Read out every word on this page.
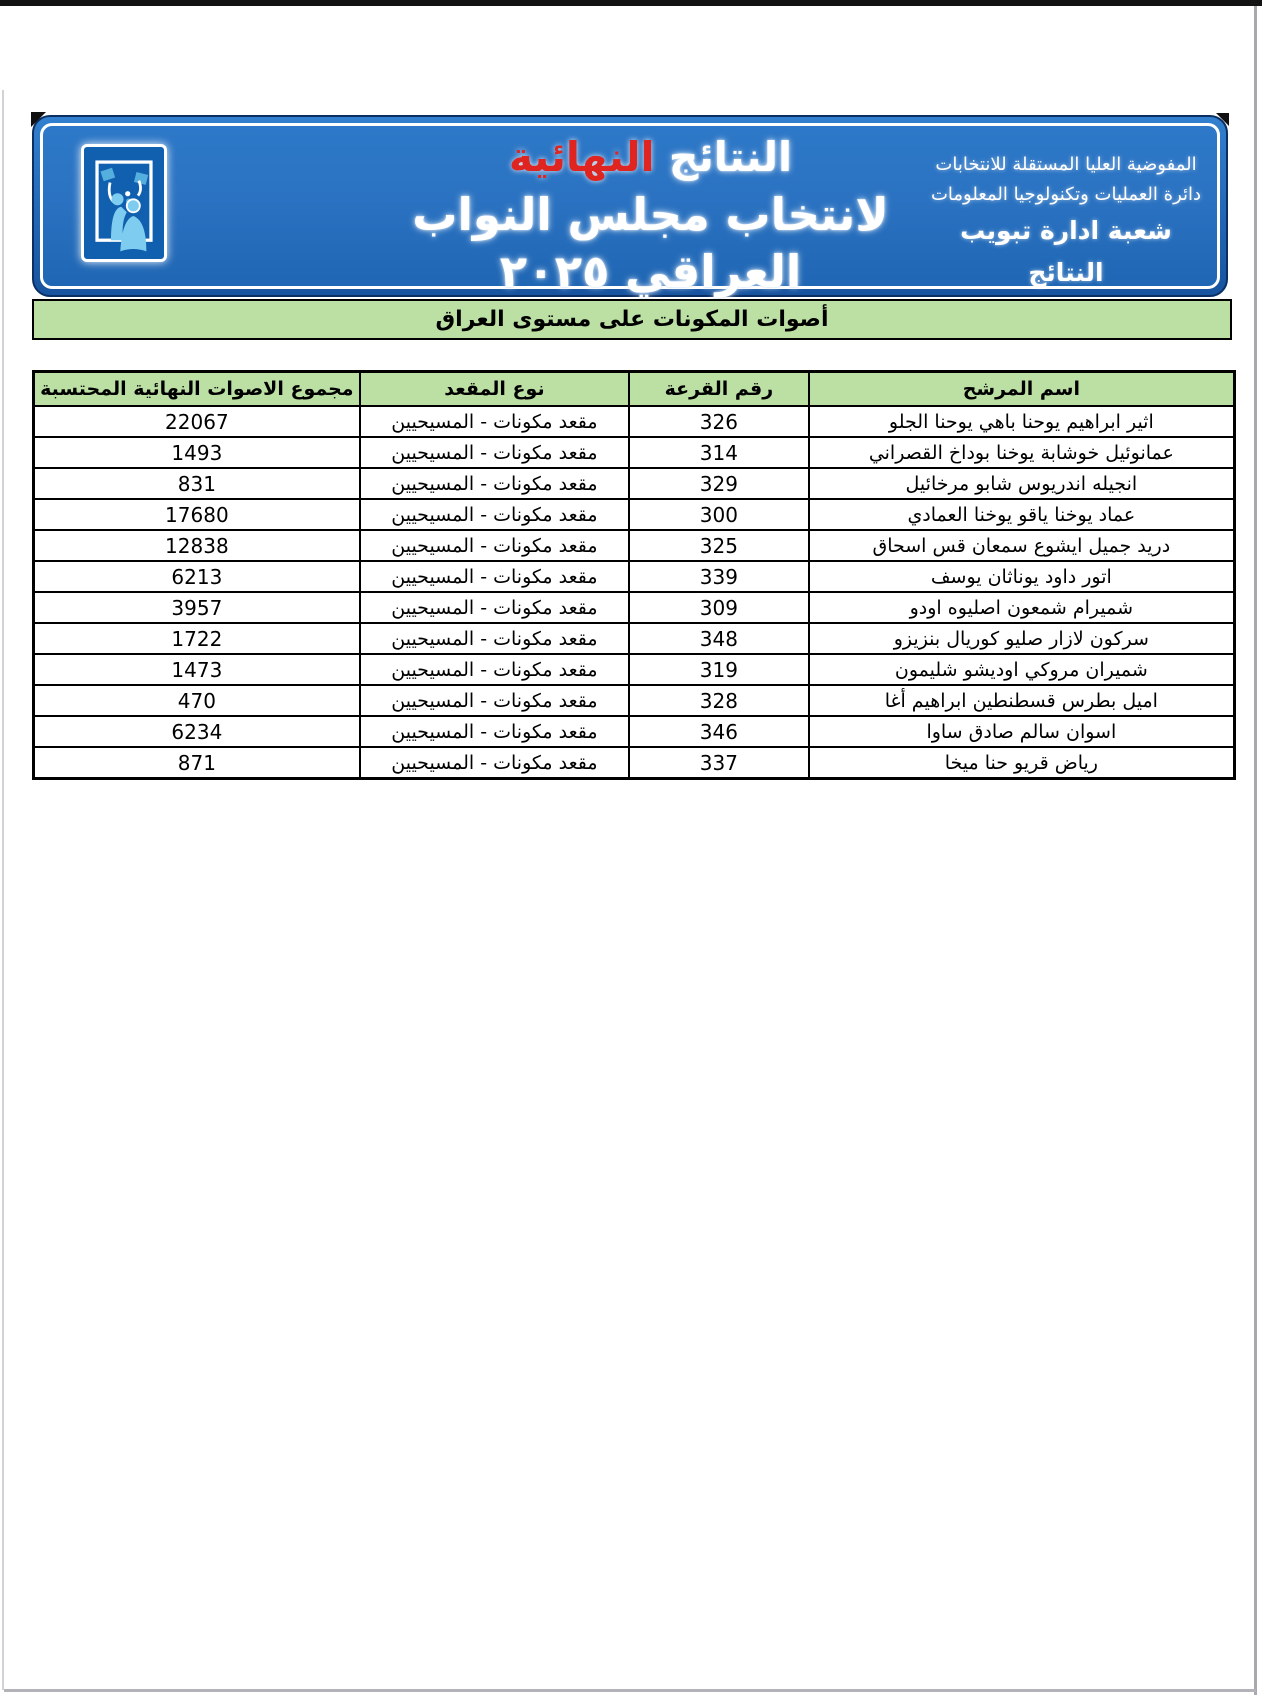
النتائج النهائية
لانتخاب مجلس النواب العراقي ٢٠٢٥
المفوضية العليا المستقلة للانتخابات
دائرة العمليات وتكنولوجيا المعلومات
شعبة ادارة تبويب النتائج
أصوات المكونات على مستوى العراق
اسم المرشح	رقم القرعة	نوع المقعد	مجموع الاصوات النهائية المحتسبة
اثير ابراهيم يوحنا باهي يوحنا الجلو	326	مقعد مكونات - المسيحيين	22067
عمانوئيل خوشابة يوخنا بوداخ القصراني	314	مقعد مكونات - المسيحيين	1493
انجيله اندريوس شابو مرخائيل	329	مقعد مكونات - المسيحيين	831
عماد يوخنا ياقو يوخنا العمادي	300	مقعد مكونات - المسيحيين	17680
دريد جميل ايشوع سمعان قس اسحاق	325	مقعد مكونات - المسيحيين	12838
اتور داود يوناثان يوسف	339	مقعد مكونات - المسيحيين	6213
شميرام شمعون اصليوه اودو	309	مقعد مكونات - المسيحيين	3957
سركون لازار صليو كوريال بنزيزو	348	مقعد مكونات - المسيحيين	1722
شميران مروكي اوديشو شليمون	319	مقعد مكونات - المسيحيين	1473
اميل بطرس قسطنطين ابراهيم أغا	328	مقعد مكونات - المسيحيين	470
اسوان سالم صادق ساوا	346	مقعد مكونات - المسيحيين	6234
رياض قريو حنا ميخا	337	مقعد مكونات - المسيحيين	871
